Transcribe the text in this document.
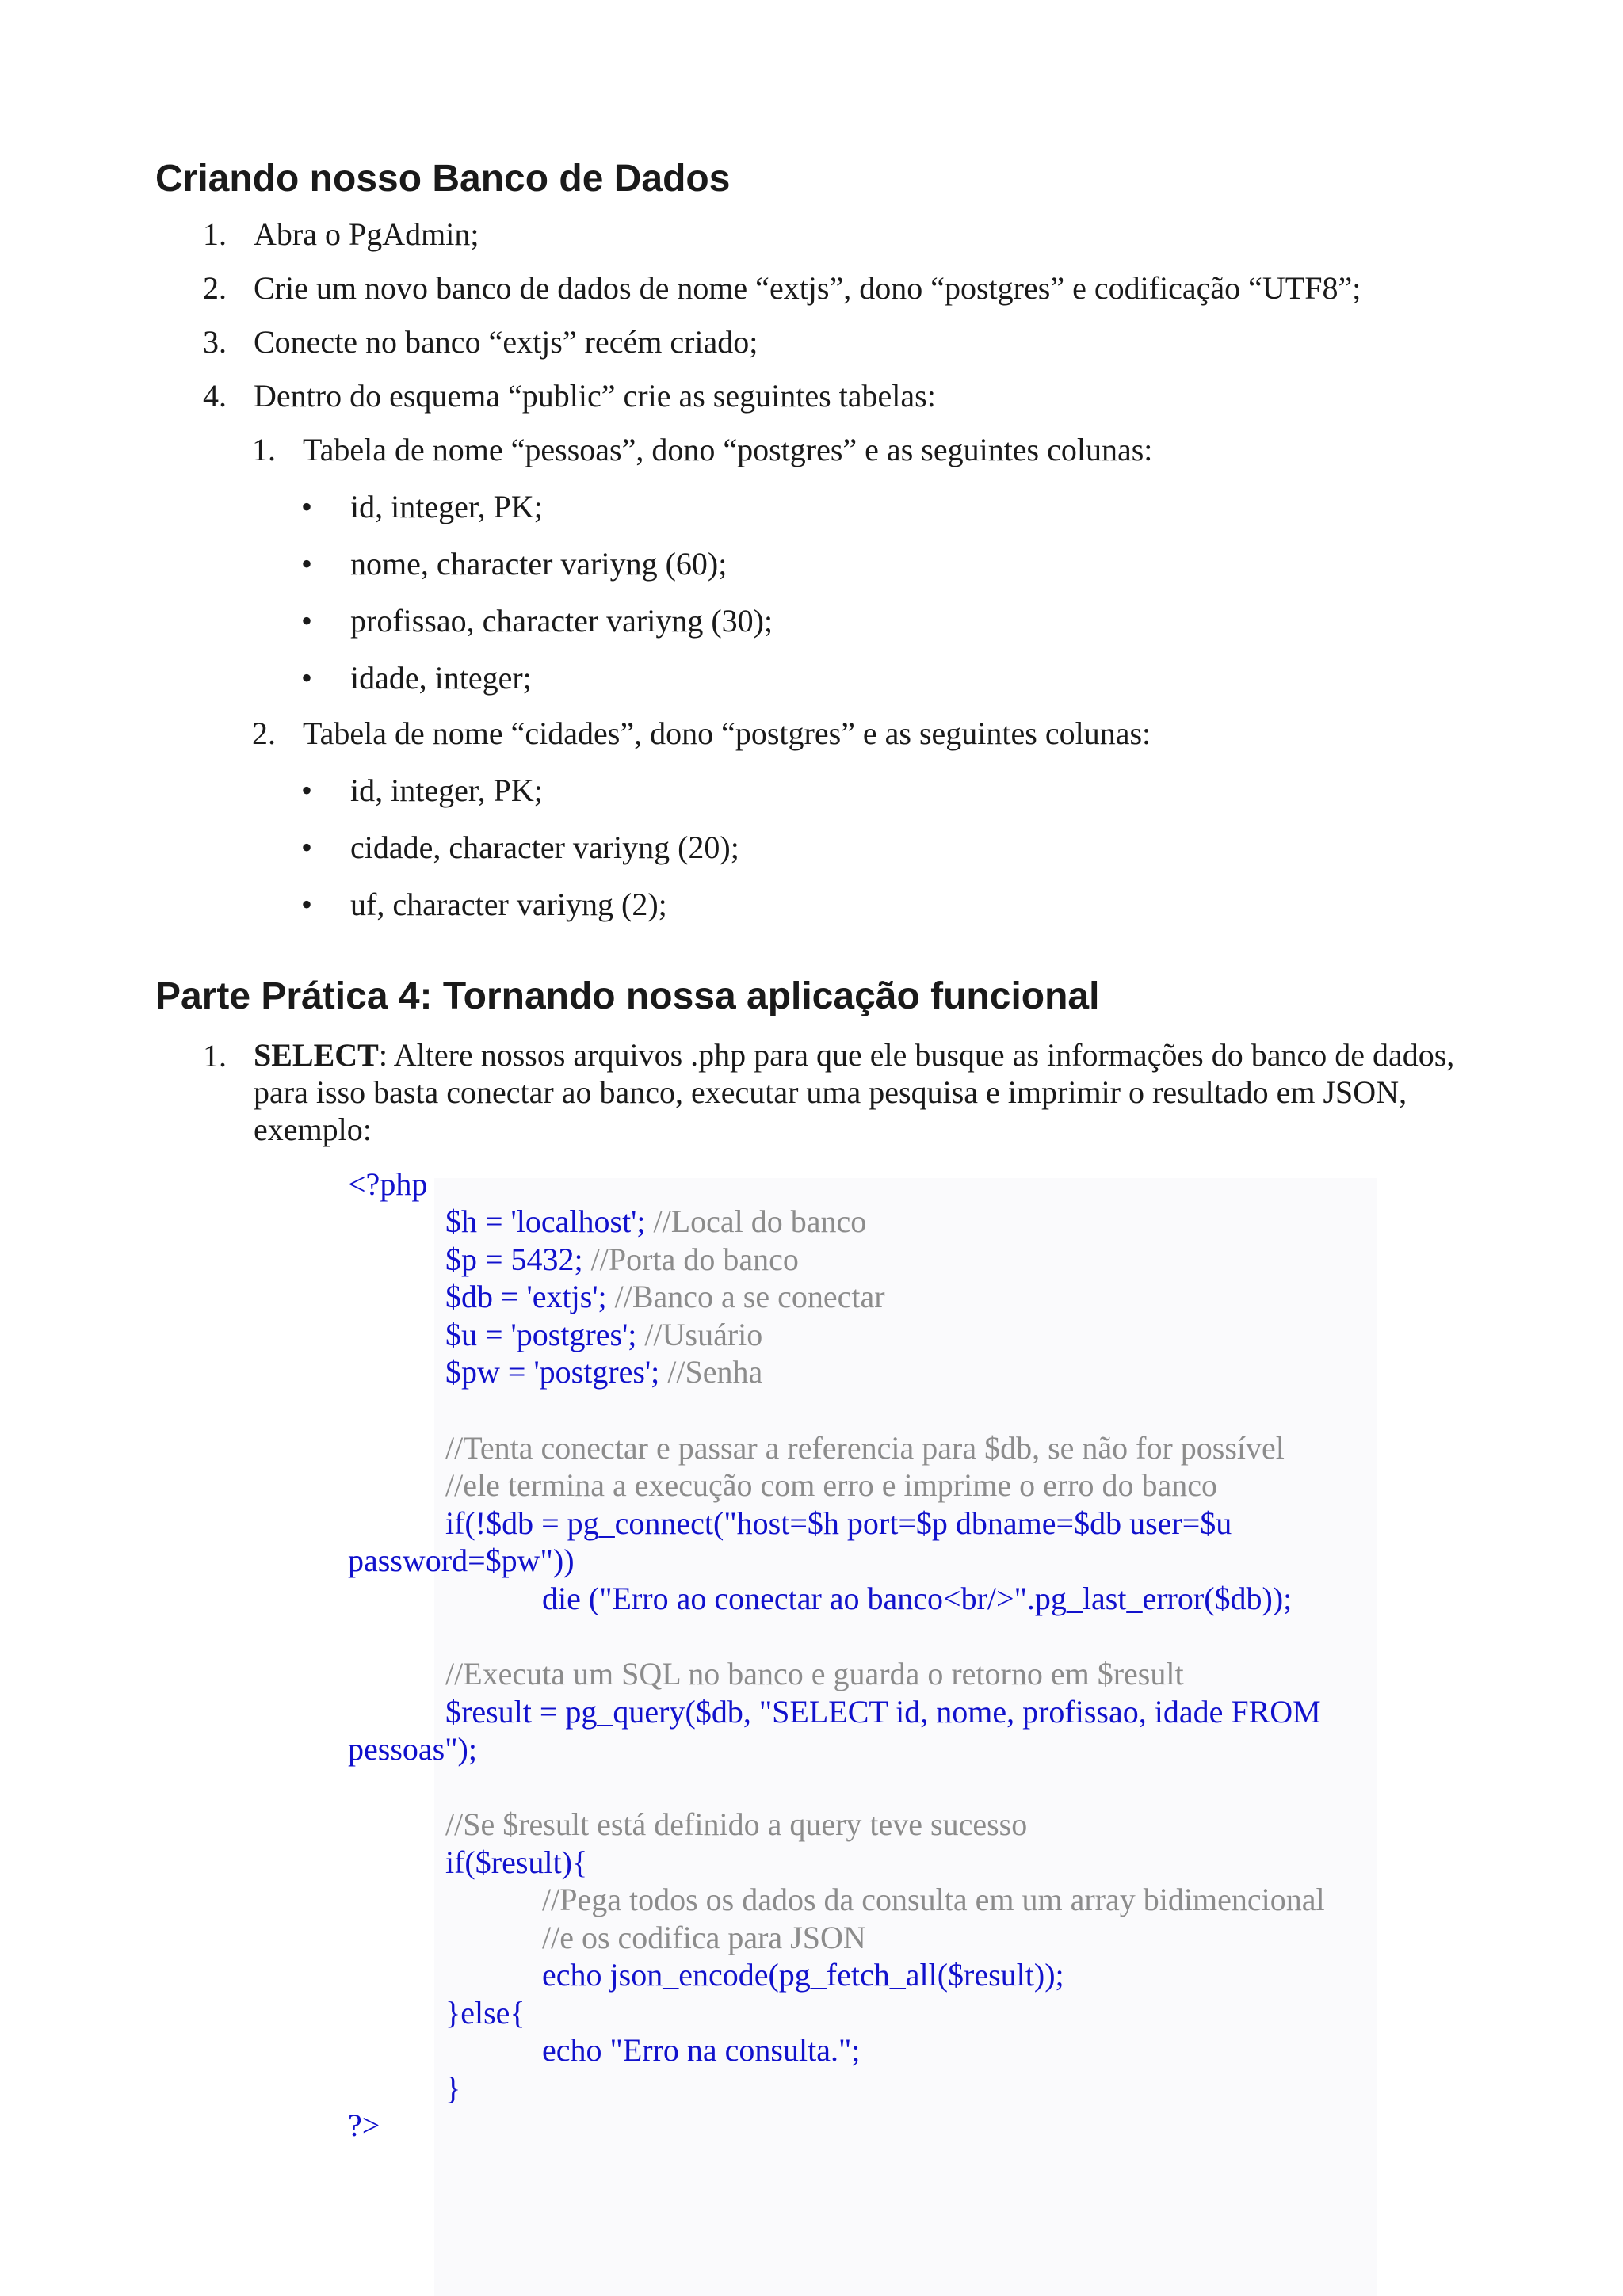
Criando nosso Banco de Dados
1. Abra o PgAdmin;
2. Crie um novo banco de dados de nome “extjs”, dono “postgres” e codificação “UTF8”;
3. Conecte no banco “extjs” recém criado;
4. Dentro do esquema “public” crie as seguintes tabelas:
1. Tabela de nome “pessoas”, dono “postgres” e as seguintes colunas:
• id, integer, PK;
• nome, character variyng (60);
• profissao, character variyng (30);
• idade, integer;
2. Tabela de nome “cidades”, dono “postgres” e as seguintes colunas:
• id, integer, PK;
• cidade, character variyng (20);
• uf, character variyng (2);
Parte Prática 4: Tornando nossa aplicação funcional
1. SELECT: Altere nossos arquivos .php para que ele busque as informações do banco de dados, para isso basta conectar ao banco, executar uma pesquisa e imprimir o resultado em JSON, exemplo:

<?php
$h = 'localhost'; //Local do banco
$p = 5432; //Porta do banco
$db = 'extjs'; //Banco a se conectar
$u = 'postgres'; //Usuário
$pw = 'postgres'; //Senha
//Tenta conectar e passar a referencia para $db, se não for possível
//ele termina a execução com erro e imprime o erro do banco
if(!$db = pg_connect("host=$h port=$p dbname=$db user=$u
password=$pw"))
die ("Erro ao conectar ao banco<br/>".pg_last_error($db));
//Executa um SQL no banco e guarda o retorno em $result
$result = pg_query($db, "SELECT id, nome, profissao, idade FROM
pessoas");
//Se $result está definido a query teve sucesso
if($result){
//Pega todos os dados da consulta em um array bidimencional
//e os codifica para JSON
echo json_encode(pg_fetch_all($result));
}else{
echo "Erro na consulta.";
}
?>
